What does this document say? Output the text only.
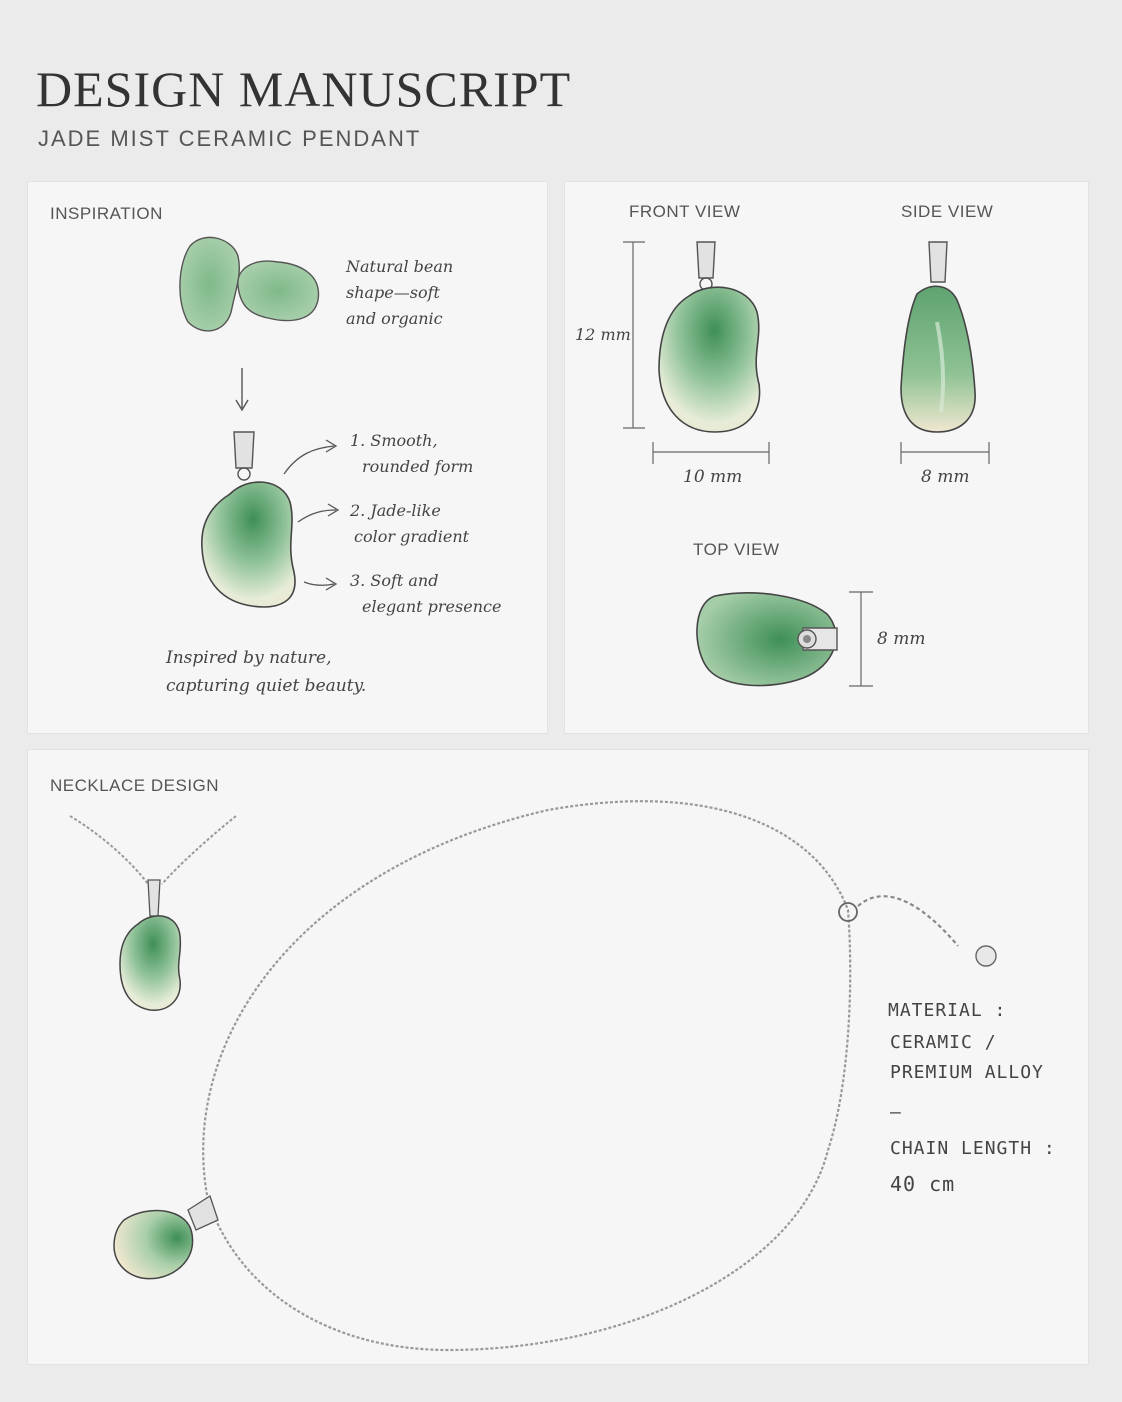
DESIGN MANUSCRIPT
JADE MIST CERAMIC PENDANT
INSPIRATION
Natural bean
shape—soft
and organic
1. Smooth,
rounded form
2. Jade-like
color gradient
3. Soft and
elegant presence
Inspired by nature,
capturing quiet beauty.
FRONT VIEW	SIDE VIEW
TOP VIEW
12 mm
10 mm	8 mm
8 mm
NECKLACE DESIGN
MATERIAL :
CERAMIC /
PREMIUM ALLOY
—
CHAIN LENGTH :
40 cm
